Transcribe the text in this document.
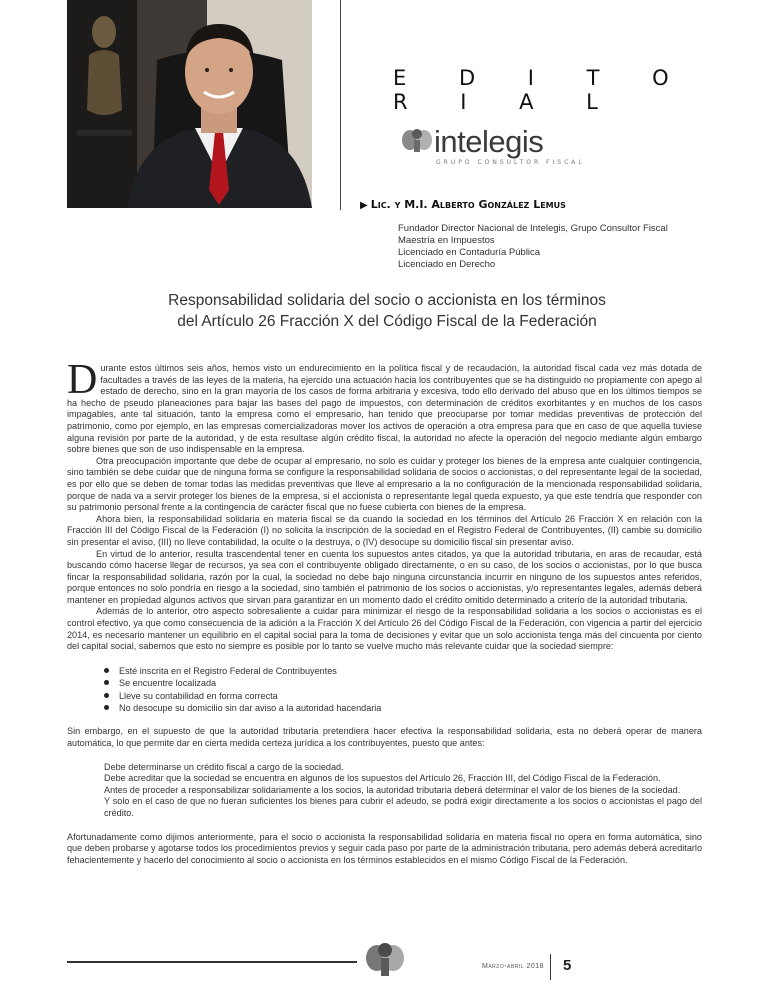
E D I T O R I A L
intelegis
GRUPO CONSULTOR FISCAL
▶ Lic. y M.I. Alberto González Lemus
Fundador Director Nacional de Intelegis, Grupo Consultor Fiscal
Maestría en Impuestos
Licenciado en Contaduría Pública
Licenciado en Derecho
Responsabilidad solidaria del socio o accionista en los términos
del Artículo 26 Fracción X del Código Fiscal de la Federación

Durante estos últimos seis años, hemos visto un endurecimiento en la política fiscal y de recaudación, la autoridad fiscal cada vez más dotada de facultades a través de las leyes de la materia, ha ejercido una actuación hacia los contribuyentes que se ha distinguido no propiamente con apego al estado de derecho, sino en la gran mayoría de los casos de forma arbitraria y excesiva, todo ello derivado del abuso que en los últimos tiempos se ha hecho de pseudo planeaciones para bajar las bases del pago de impuestos, con determinación de créditos exorbitantes y en muchos de los casos impagables, ante tal situación, tanto la empresa como el empresario, han tenido que preocuparse por tomar medidas preventivas de protección del patrimonio, como por ejemplo, en las empresas comercializadoras mover los activos de operación a otra empresa para que en caso de que aquella tuviese alguna revisión por parte de la autoridad, y de esta resultase algún crédito fiscal, la autoridad no afecte la operación del negocio mediante algún embargo sobre bienes que son de uso indispensable en la empresa.

Otra preocupación importante que debe de ocupar al empresario, no solo es cuidar y proteger los bienes de la empresa ante cualquier contingencia, sino también se debe cuidar que de ninguna forma se configure la responsabilidad solidaria de socios o accionistas, o del representante legal de la sociedad, es por ello que se deben de tomar todas las medidas preventivas que lleve al empresario a la no configuración de la mencionada responsabilidad solidaria, porque de nada va a servir proteger los bienes de la empresa, si el accionista o representante legal queda expuesto, ya que este tendría que responder con su patrimonio personal frente a la contingencia de carácter fiscal que no fuese cubierta con bienes de la empresa.

Ahora bien, la responsabilidad solidaria en materia fiscal se da cuando la sociedad en los términos del Artículo 26 Fracción X en relación con la Fracción III del Código Fiscal de la Federación (I) no solicita la inscripción de la sociedad en el Registro Federal de Contribuyentes, (II) cambie su domicilio sin presentar el aviso, (III) no lleve contabilidad, la oculte o la destruya, o (IV) desocupe su domicilio fiscal sin presentar aviso.

En virtud de lo anterior, resulta trascendental tener en cuenta los supuestos antes citados, ya que la autoridad tributaria, en aras de recaudar, está buscando cómo hacerse llegar de recursos, ya sea con el contribuyente obligado directamente, o en su caso, de los socios o accionistas, por lo que busca fincar la responsabilidad solidaria, razón por la cual, la sociedad no debe bajo ninguna circunstancia incurrir en ninguno de los supuestos antes referidos, porque entonces no solo pondría en riesgo a la sociedad, sino también el patrimonio de los socios o accionistas, y/o representantes legales, además deberá mantener en propiedad algunos activos que sirvan para garantizar en un momento dado el crédito omitido determinado a criterio de la autoridad tributaria.

Además de lo anterior, otro aspecto sobresaliente a cuidar para minimizar el riesgo de la responsabilidad solidaria a los socios o accionistas es el control efectivo, ya que como consecuencia de la adición a la Fracción X del Artículo 26 del Código Fiscal de la Federación, con vigencia a partir del ejercicio 2014, es necesario mantener un equilibrio en el capital social para la toma de decisiones y evitar que un solo accionista tenga más del cincuenta por ciento del capital social, sabemos que esto no siempre es posible por lo tanto se vuelve mucho más relevante cuidar que la sociedad siempre:

Esté inscrita en el Registro Federal de Contribuyentes
Se encuentre localizada
Lleve su contabilidad en forma correcta
No desocupe su domicilio sin dar aviso a la autoridad hacendaria

Sin embargo, en el supuesto de que la autoridad tributaria pretendiera hacer efectiva la responsabilidad solidaria, esta no deberá operar de manera automática, lo que permite dar en cierta medida certeza jurídica a los contribuyentes, puesto que antes:

Debe determinarse un crédito fiscal a cargo de la sociedad.

Debe acreditar que la sociedad se encuentra en algunos de los supuestos del Artículo 26, Fracción III, del Código Fiscal de la Federación.

Antes de proceder a responsabilizar solidariamente a los socios, la autoridad tributaria deberá determinar el valor de los bienes de la sociedad.

Y solo en el caso de que no fueran suficientes los bienes para cubrir el adeudo, se podrá exigir directamente a los socios o accionistas el pago del crédito.

Afortunadamente como dijimos anteriormente, para el socio o accionista la responsabilidad solidaria en materia fiscal no opera en forma automática, sino que deben probarse y agotarse todos los procedimientos previos y seguir cada paso por parte de la administración tributaria, pero además deberá acreditarlo fehacientemente y hacerlo del conocimiento al socio o accionista en los términos establecidos en el mismo Código Fiscal de la Federación.

Marzo-abril 2018 5
